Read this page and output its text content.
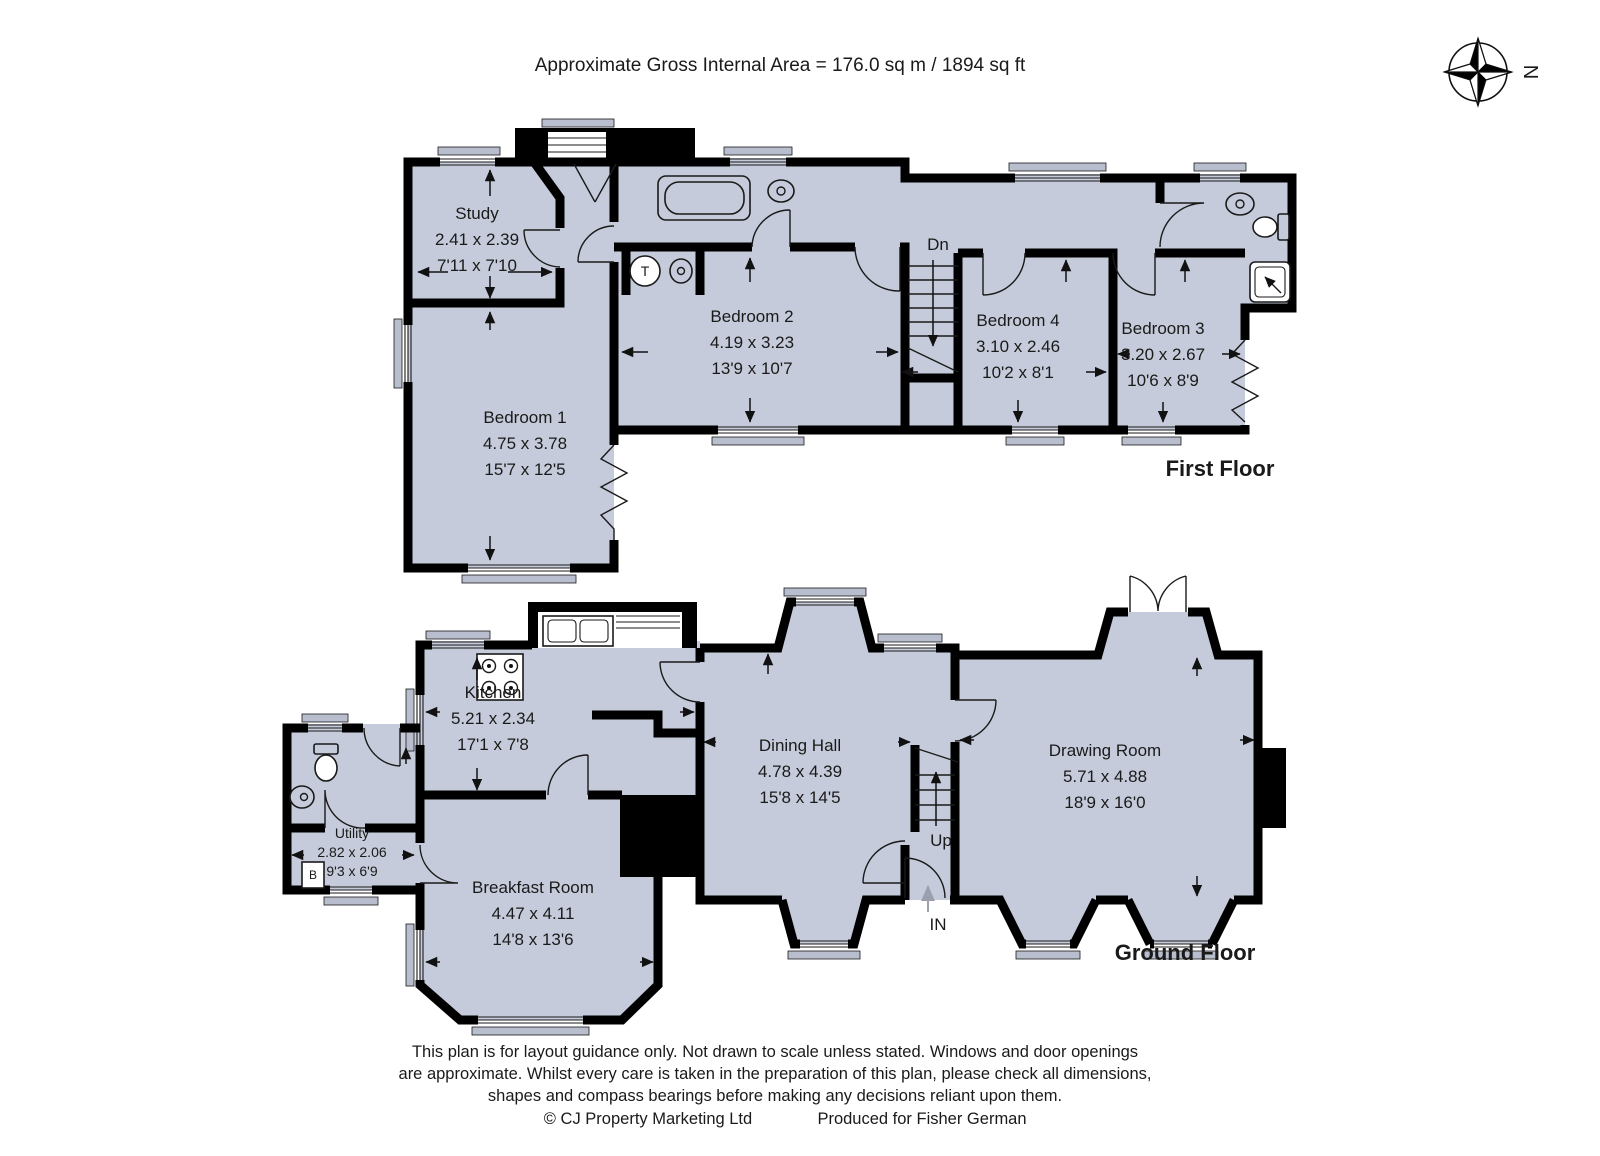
Approximate Gross Internal Area = 176.0 sq m / 1894 sq ft	N
Study
2.41 x 2.39
7'11 x 7'10
Bedroom 1
4.75 x 3.78
15'7 x 12'5
Bedroom 2
4.19 x 3.23
13'9 x 10'7
Bedroom 4
3.10 x 2.46
10'2 x 8'1
Bedroom 3
3.20 x 2.67
10'6 x 8'9
Dn
T
First Floor
Kitchen
5.21 x 2.34
17'1 x 7'8
Utility
2.82 x 2.06
9'3 x 6'9
B
Breakfast Room
4.47 x 4.11
14'8 x 13'6
Dining Hall
4.78 x 4.39
15'8 x 14'5
Drawing Room
5.71 x 4.88
18'9 x 16'0
Up
IN
Ground Floor
This plan is for layout guidance only. Not drawn to scale unless stated. Windows and door openings
are approximate. Whilst every care is taken in the preparation of this plan, please check all dimensions,
shapes and compass bearings before making any decisions reliant upon them.
© CJ Property Marketing Ltd	Produced for Fisher German
